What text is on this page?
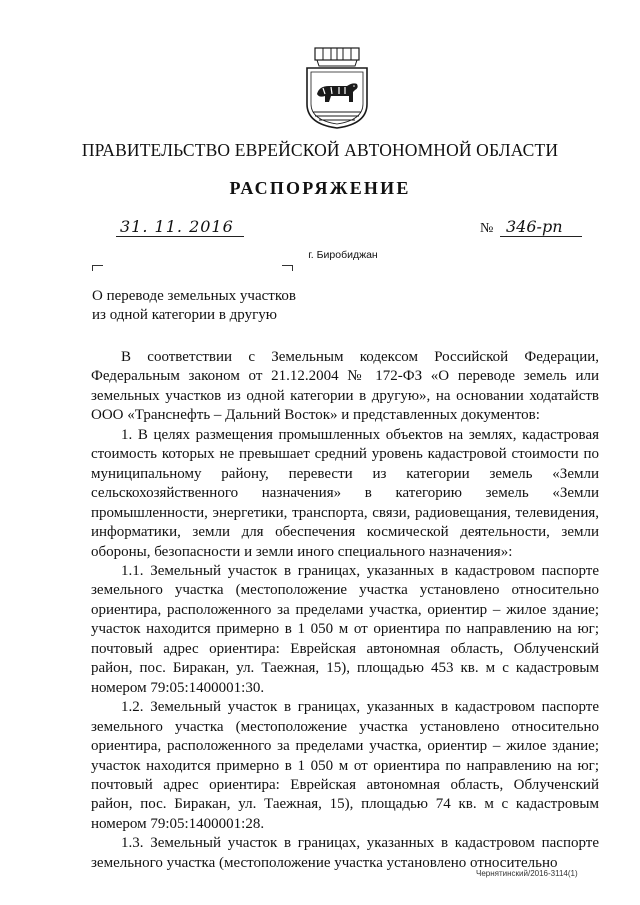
ПРАВИТЕЛЬСТВО ЕВРЕЙСКОЙ АВТОНОМНОЙ ОБЛАСТИ
РАСПОРЯЖЕНИЕ
31. 11. 2016	№ 346-рп
г. Биробиджан
О переводе земельных участков
из одной категории в другую

В соответствии с Земельным кодексом Российской Федерации, Федеральным законом от 21.12.2004 № 172-ФЗ «О переводе земель или земельных участков из одной категории в другую», на основании ходатайств ООО «Транснефть – Дальний Восток» и представленных документов:

1. В целях размещения промышленных объектов на землях, кадастровая стоимость которых не превышает средний уровень кадастровой стоимости по муниципальному району, перевести из категории земель «Земли сельскохозяйственного назначения» в категорию земель «Земли промышленности, энергетики, транспорта, связи, радиовещания, телевидения, информатики, земли для обеспечения космической деятельности, земли обороны, безопасности и земли иного специального назначения»:

1.1. Земельный участок в границах, указанных в кадастровом паспорте земельного участка (местоположение участка установлено относительно ориентира, расположенного за пределами участка, ориентир – жилое здание; участок находится примерно в 1 050 м от ориентира по направлению на юг; почтовый адрес ориентира: Еврейская автономная область, Облученский район, пос. Биракан, ул. Таежная, 15), площадью 453 кв. м с кадастровым номером 79:05:1400001:30.

1.2. Земельный участок в границах, указанных в кадастровом паспорте земельного участка (местоположение участка установлено относительно ориентира, расположенного за пределами участка, ориентир – жилое здание; участок находится примерно в 1 050 м от ориентира по направлению на юг; почтовый адрес ориентира: Еврейская автономная область, Облученский район, пос. Биракан, ул. Таежная, 15), площадью 74 кв. м с кадастровым номером 79:05:1400001:28.

1.3. Земельный участок в границах, указанных в кадастровом паспорте земельного участка (местоположение участка установлено относительно

Чернятинский/2016-3114(1)
